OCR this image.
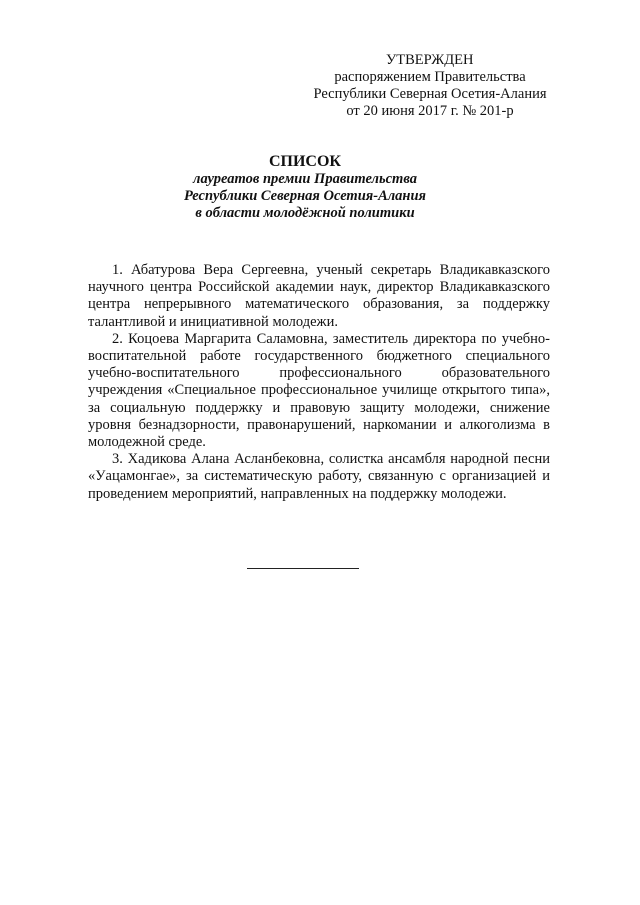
УТВЕРЖДЕН
распоряжением Правительства
Республики Северная Осетия-Алания
от 20 июня 2017 г. № 201-р
СПИСОК
лауреатов премии Правительства
Республики Северная Осетия-Алания
в области молодёжной политики

1. Абатурова Вера Сергеевна, ученый секретарь Владикавказского научного центра Российской академии наук, директор Владикавказского центра непрерывного математического образования, за поддержку талантливой и инициативной молодежи.

2. Коцоева Маргарита Саламовна, заместитель директора по учебно-воспитательной работе государственного бюджетного специального учебно-воспитательного профессионального образовательного учреждения «Специальное профессиональное училище открытого типа», за социальную поддержку и правовую защиту молодежи, снижение уровня безнадзорности, правонарушений, наркомании и алкоголизма в молодежной среде.

3. Хадикова Алана Асланбековна, солистка ансамбля народной песни «Уацамонгае», за систематическую работу, связанную с организацией и проведением мероприятий, направленных на поддержку молодежи.
